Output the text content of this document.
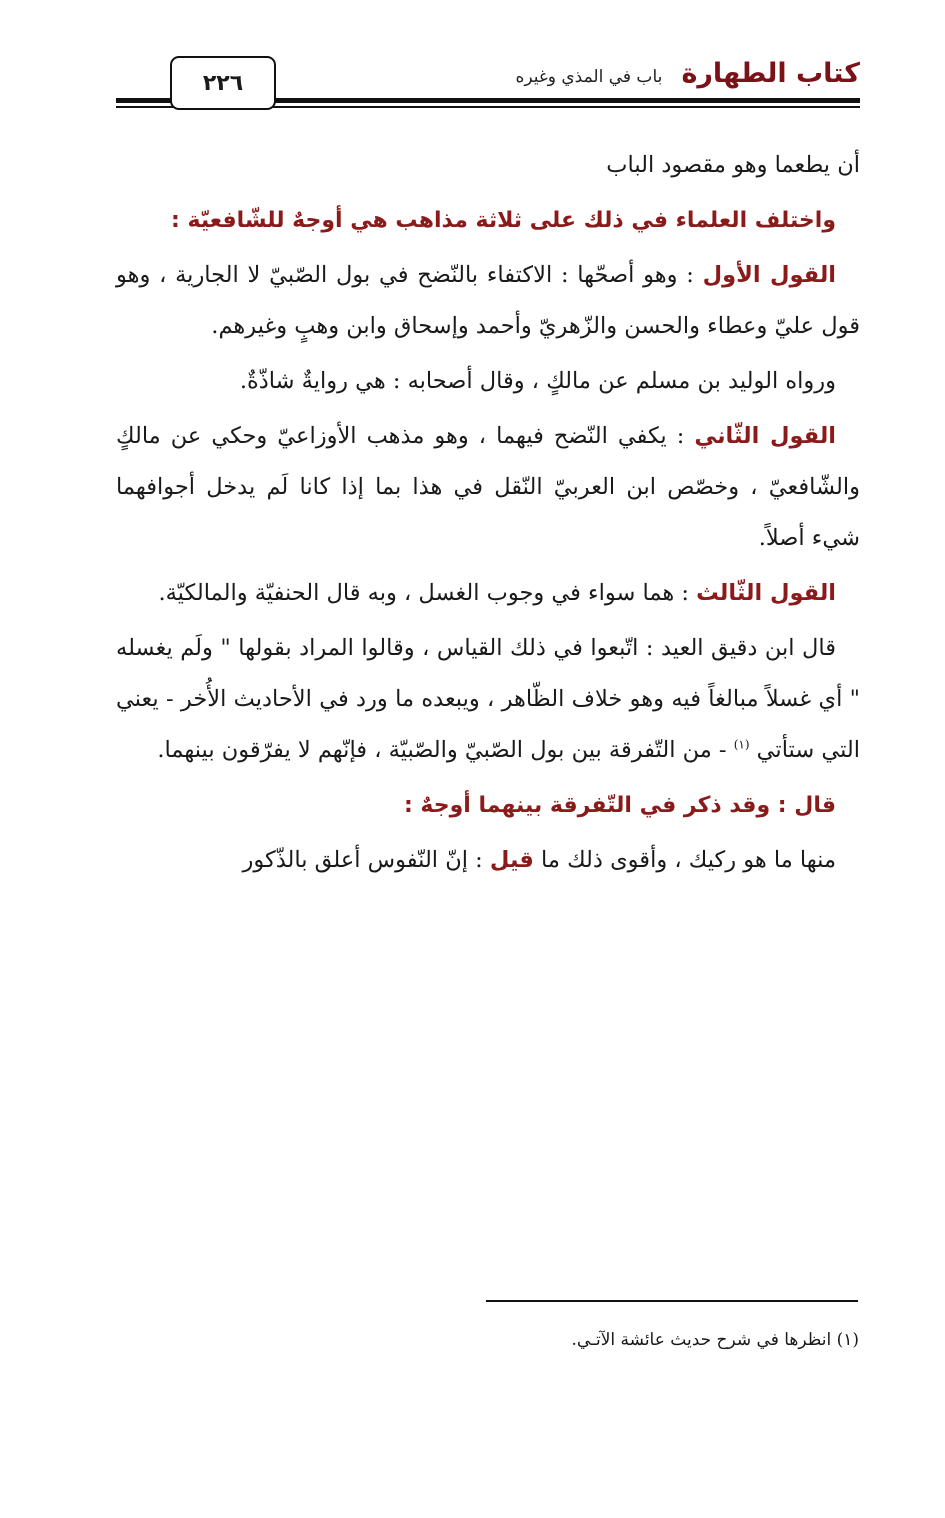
كتاب الطهارة باب في المذي وغيره
٢٢٦

أن يطعما وهو مقصود الباب

واختلف العلماء في ذلك على ثلاثة مذاهب هي أوجهٌ للشّافعيّة :

القول الأول : وهو أصحّها : الاكتفاء بالنّضح في بول الصّبيّ لا الجارية ، وهو قول عليّ وعطاء والحسن والزّهريّ وأحمد وإسحاق وابن وهبٍ وغيرهم.

ورواه الوليد بن مسلم عن مالكٍ ، وقال أصحابه : هي روايةٌ شاذّةٌ.

القول الثّاني : يكفي النّضح فيهما ، وهو مذهب الأوزاعيّ وحكي عن مالكٍ والشّافعيّ ، وخصّص ابن العربيّ النّقل في هذا بما إذا كانا لَم يدخل أجوافهما شيء أصلاً.

القول الثّالث : هما سواء في وجوب الغسل ، وبه قال الحنفيّة والمالكيّة.

قال ابن دقيق العيد : اتّبعوا في ذلك القياس ، وقالوا المراد بقولها " ولَم يغسله " أي غسلاً مبالغاً فيه وهو خلاف الظّاهر ، ويبعده ما ورد في الأحاديث الأُخر - يعني التي ستأتي $^{(١)}$ - من التّفرقة بين بول الصّبيّ والصّبيّة ، فإنّهم لا يفرّقون بينهما.

قال : وقد ذكر في التّفرقة بينهما أوجهٌ :

منها ما هو ركيك ، وأقوى ذلك ما قيل : إنّ النّفوس أعلق بالذّكور

(١) انظرها في شرح حديث عائشة الآتـي.
